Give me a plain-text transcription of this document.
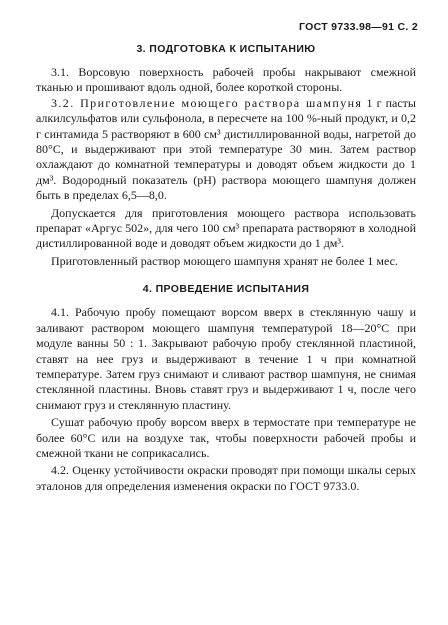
ГОСТ 9733.98—91 С. 2
3. ПОДГОТОВКА К ИСПЫТАНИЮ

3.1. Ворсовую поверхность рабочей пробы накрывают смежной тканью и прошивают вдоль одной, более короткой стороны.

3.2. Приготовление моющего раствора шампуня 1 г пасты алкилсульфатов или сульфонола, в пересчете на 100 %-ный продукт, и 0,2 г синтамида 5 растворяют в 600 см³ дистиллированной воды, нагретой до 80°С, и выдерживают при этой температуре 30 мин. Затем раствор охлаждают до комнатной температуры и доводят объем жидкости до 1 дм³. Водородный показатель (рН) раствора моющего шампуня должен быть в пределах 6,5—8,0.

Допускается для приготовления моющего раствора использовать препарат «Аргус 502», для чего 100 см³ препарата растворяют в холодной дистиллированной воде и доводят объем жидкости до 1 дм³.

Приготовленный раствор моющего шампуня хранят не более 1 мес.

4. ПРОВЕДЕНИЕ ИСПЫТАНИЯ

4.1. Рабочую пробу помещают ворсом вверх в стеклянную чашу и заливают раствором моющего шампуня температурой 18—20°С при модуле ванны 50 : 1. Закрывают рабочую пробу стеклянной пластиной, ставят на нее груз и выдерживают в течение 1 ч при комнатной температуре. Затем груз снимают и сливают раствор шампуня, не снимая стеклянной пластины. Вновь ставят груз и выдерживают 1 ч, после чего снимают груз и стеклянную пластину.

Сушат рабочую пробу ворсом вверх в термостате при температуре не более 60°С или на воздухе так, чтобы поверхности рабочей пробы и смежной ткани не соприкасались.

4.2. Оценку устойчивости окраски проводят при помощи шкалы серых эталонов для определения изменения окраски по ГОСТ 9733.0.
